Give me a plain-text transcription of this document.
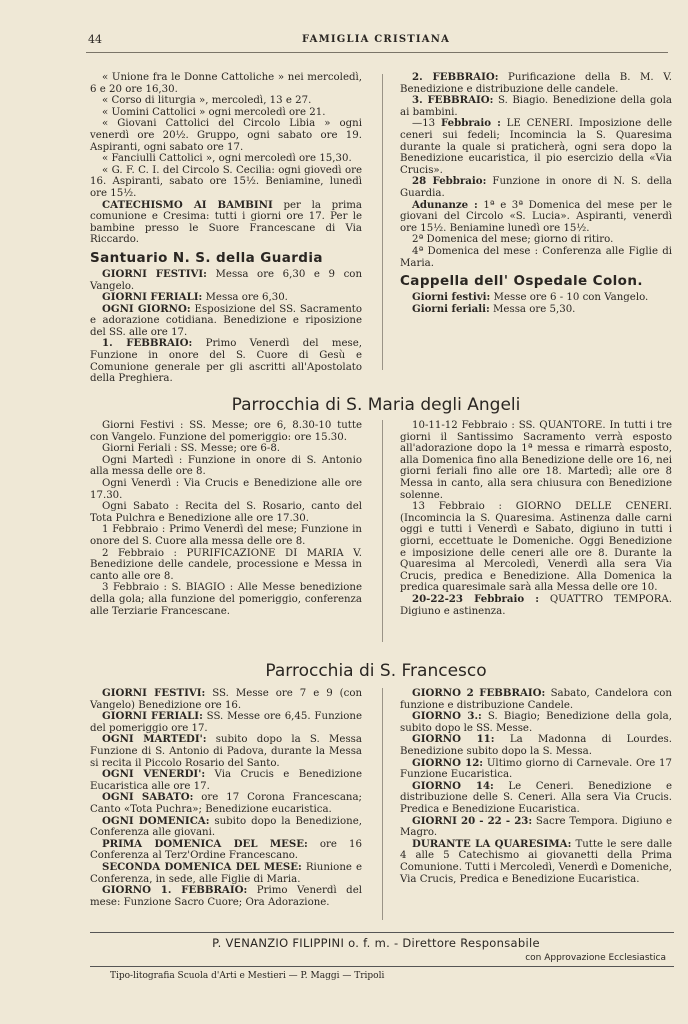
44	FAMIGLIA CRISTIANA

« Unione fra le Donne Cattoliche » nei mercoledì, 6 e 20 ore 16,30.

« Corso di liturgia », mercoledì, 13 e 27.

« Uomini Cattolici » ogni mercoledì ore 21.

« Giovani Cattolici del Circolo Libia » ogni venerdì ore 20½. Gruppo, ogni sabato ore 19. Aspiranti, ogni sabato ore 17.

« Fanciulli Cattolici », ogni mercoledì ore 15,30.

« G. F. C. I. del Circolo S. Cecilia: ogni giovedì ore 16. Aspiranti, sabato ore 15½. Beniamine, lunedì ore 15½.

CATECHISMO AI BAMBINI per la prima comunione e Cresima: tutti i giorni ore 17. Per le bambine presso le Suore Francescane di Via Riccardo.

Santuario N. S. della Guardia

GIORNI FESTIVI: Messa ore 6,30 e 9 con Vangelo.

GIORNI FERIALI: Messa ore 6,30.

OGNI GIORNO: Esposizione del SS. Sacramento e adorazione cotidiana. Benedizione e riposizione del SS. alle ore 17.

1. FEBBRAIO: Primo Venerdì del mese, Funzione in onore del S. Cuore di Gesù e Comunione generale per gli ascritti all'Apostolato della Preghiera.

2. FEBBRAIO: Purificazione della B. M. V. Benedizione e distribuzione delle candele.

3. FEBBRAIO: S. Biagio. Benedizione della gola ai bambini.

—13 Febbraio : LE CENERI. Imposizione delle ceneri sui fedeli; Incomincia la S. Quaresima durante la quale si praticherà, ogni sera dopo la Benedizione eucaristica, il pio esercizio della «Via Crucis».

28 Febbraio: Funzione in onore di N. S. della Guardia.

Adunanze : 1ª e 3ª Domenica del mese per le giovani del Circolo «S. Lucia». Aspiranti, venerdì ore 15½. Beniamine lunedì ore 15½.

2ª Domenica del mese; giorno di ritiro.

4ª Domenica del mese : Conferenza alle Figlie di Maria.

Cappella dell' Ospedale Colon.

Giorni festivi: Messe ore 6 - 10 con Vangelo.

Giorni feriali: Messa ore 5,30.

Parrocchia di S. Maria degli Angeli

Giorni Festivi : SS. Messe; ore 6, 8.30-10 tutte con Vangelo. Funzione del pomeriggio: ore 15.30.

Giorni Feriali : SS. Messe; ore 6-8.

Ogni Martedì : Funzione in onore di S. Antonio alla messa delle ore 8.

Ogni Venerdì : Via Crucis e Benedizione alle ore 17.30.

Ogni Sabato : Recita del S. Rosario, canto del Tota Pulchra e Benedizione alle ore 17.30.

1 Febbraio : Primo Venerdì del mese; Funzione in onore del S. Cuore alla messa delle ore 8.

2 Febbraio : PURIFICAZIONE DI MARIA V. Benedizione delle candele, processione e Messa in canto alle ore 8.

3 Febbraio : S. BIAGIO : Alle Messe benedizione della gola; alla funzione del pomeriggio, conferenza alle Terziarie Francescane.

10-11-12 Febbraio : SS. QUANTORE. In tutti i tre giorni il Santissimo Sacramento verrà esposto all'adorazione dopo la 1ª messa e rimarrà esposto, alla Domenica fino alla Benedizione delle ore 16, nei giorni feriali fino alle ore 18. Martedì; alle ore 8 Messa in canto, alla sera chiusura con Benedizione solenne.

13 Febbraio : GIORNO DELLE CENERI. (Incomincia la S. Quaresima. Astinenza dalle carni oggi e tutti i Venerdì e Sabato, digiuno in tutti i giorni, eccettuate le Domeniche. Oggi Benedizione e imposizione delle ceneri alle ore 8. Durante la Quaresima al Mercoledì, Venerdì alla sera Via Crucis, predica e Benedizione. Alla Domenica la predica quaresimale sarà alla Messa delle ore 10.

20-22-23 Febbraio : QUATTRO TEMPORA. Digiuno e astinenza.

Parrocchia di S. Francesco

GIORNI FESTIVI: SS. Messe ore 7 e 9 (con Vangelo) Benedizione ore 16.

GIORNI FERIALI: SS. Messe ore 6,45. Funzione del pomeriggio ore 17.

OGNI MARTEDI': subito dopo la S. Messa Funzione di S. Antonio di Padova, durante la Messa si recita il Piccolo Rosario del Santo.

OGNI VENERDI': Via Crucis e Benedizione Eucaristica alle ore 17.

OGNI SABATO: ore 17 Corona Francescana; Canto «Tota Puchra»; Benedizione eucaristica.

OGNI DOMENICA: subito dopo la Benedizione, Conferenza alle giovani.

PRIMA DOMENICA DEL MESE: ore 16 Conferenza al Terz'Ordine Francescano.

SECONDA DOMENICA DEL MESE: Riunione e Conferenza, in sede, alle Figlie di Maria.

GIORNO 1. FEBBRAIO: Primo Venerdì del mese: Funzione Sacro Cuore; Ora Adorazione.

GIORNO 2 FEBBRAIO: Sabato, Candelora con funzione e distribuzione Candele.

GIORNO 3.: S. Biagio; Benedizione della gola, subito dopo le SS. Messe.

GIORNO 11: La Madonna di Lourdes. Benedizione subito dopo la S. Messa.

GIORNO 12: Ultimo giorno di Carnevale. Ore 17 Funzione Eucaristica.

GIORNO 14: Le Ceneri. Benedizione e distribuzione delle S. Ceneri. Alla sera Via Crucis. Predica e Benedizione Eucaristica.

GIORNI 20 - 22 - 23: Sacre Tempora. Digiuno e Magro.

DURANTE LA QUARESIMA: Tutte le sere dalle 4 alle 5 Catechismo ai giovanetti della Prima Comunione. Tutti i Mercoledì, Venerdì e Domeniche, Via Crucis, Predica e Benedizione Eucaristica.

P. VENANZIO FILIPPINI o. f. m. - Direttore Responsabile
con Approvazione Ecclesiastica
Tipo-litografia Scuola d'Arti e Mestieri — P. Maggi — Tripoli
